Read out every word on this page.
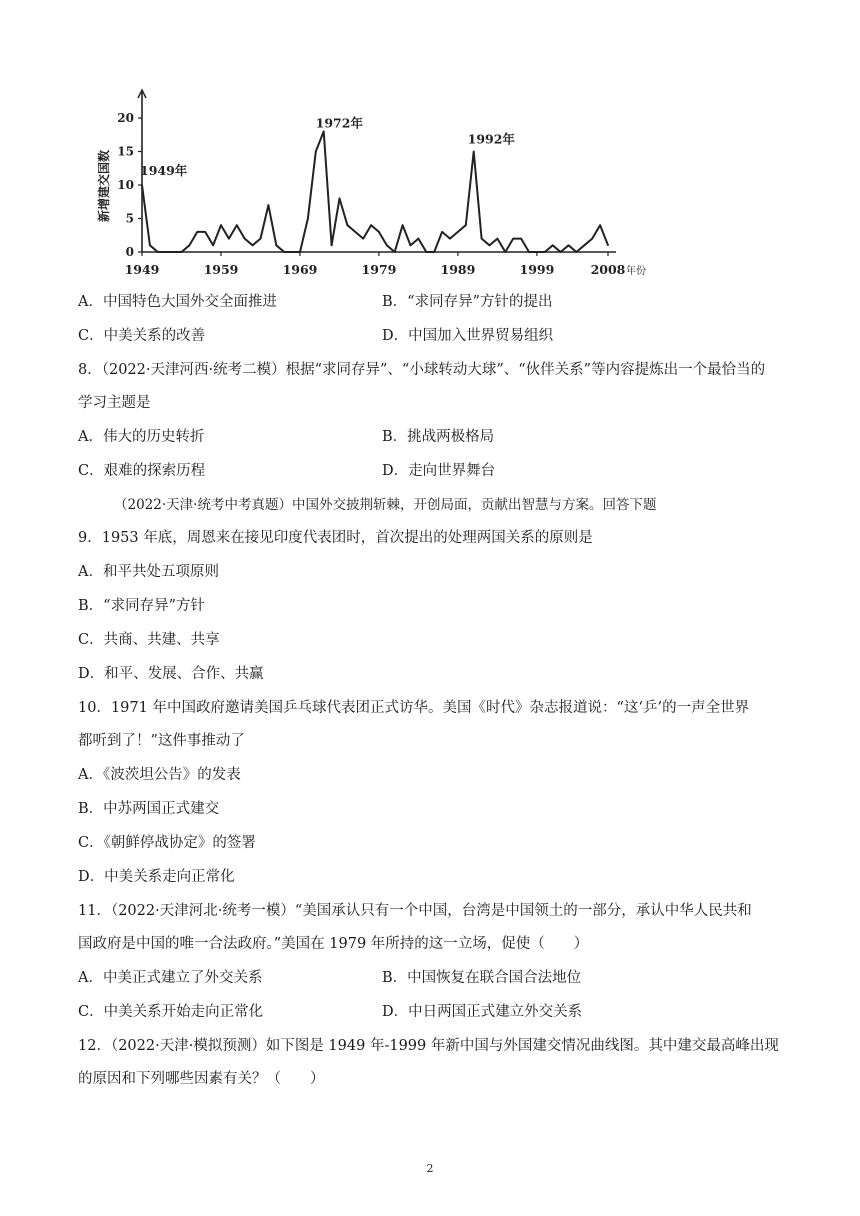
0
5
10
15
20
1949	1959	1969	1979	1989	1999	2008 年份
新增建交国数 1949年
1972年
1992年
A．中国特色大国外交全面推进	B．“求同存异”方针的提出
C．中美关系的改善	D．中国加入世界贸易组织
8．（2022·天津河西·统考二模）根据“求同存异”、“小球转动大球”、“伙伴关系”等内容提炼出一个最恰当的
学习主题是
A．伟大的历史转折	B．挑战两极格局
C．艰难的探索历程	D．走向世界舞台
（2022·天津·统考中考真题）中国外交披荆斩棘，开创局面，贡献出智慧与方案。回答下题
9．1953 年底，周恩来在接见印度代表团时，首次提出的处理两国关系的原则是
A．和平共处五项原则
B．“求同存异”方针
C．共商、共建、共享
D．和平、发展、合作、共赢
10．1971 年中国政府邀请美国乒乓球代表团正式访华。美国《时代》杂志报道说：“这‘乒’的一声全世界
都听到了！”这件事推动了
A．《波茨坦公告》的发表
B．中苏两国正式建交
C．《朝鲜停战协定》的签署
D．中美关系走向正常化
11．（2022·天津河北·统考一模）“美国承认只有一个中国，台湾是中国领土的一部分，承认中华人民共和
国政府是中国的唯一合法政府。”美国在 1979 年所持的这一立场，促使（　　）
A．中美正式建立了外交关系	B．中国恢复在联合国合法地位
C．中美关系开始走向正常化	D．中日两国正式建立外交关系
12．（2022·天津·模拟预测）如下图是 1949 年-1999 年新中国与外国建交情况曲线图。其中建交最高峰出现
的原因和下列哪些因素有关？（　　）
2
